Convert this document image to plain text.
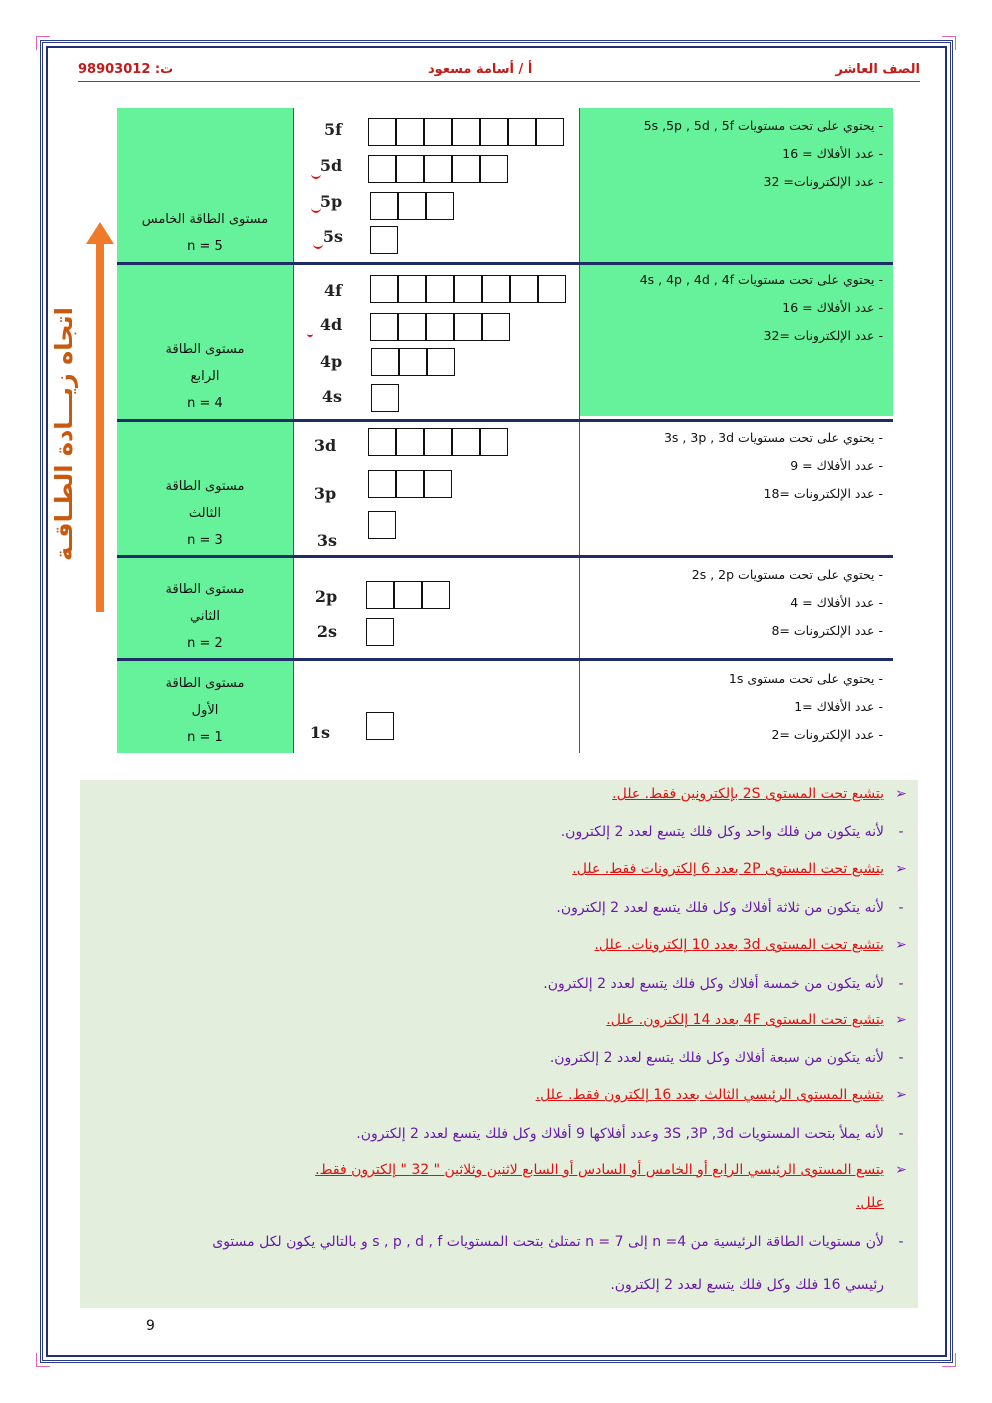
الصف العاشر
أ / أسامة مسعود
ت: 98903012
اتجاه زيـــادة الطـاقـة
مستوى الطاقة الخامس
n = 5
5f
5d
5p
5s
- يحتوي على تحت مستويات 5s ,5p , 5d , 5f
- عدد الأفلاك = 16
- عدد الإلكترونات= 32
مستوى الطاقة
الرابع
n = 4
4f
4d
4p
4s
- يحتوي على تحت مستويات 4s , 4p , 4d , 4f
- عدد الأفلاك = 16
- عدد الإلكترونات =32
مستوى الطاقة
الثالث
n = 3
3d
3p
3s
- يحتوي على تحت مستويات 3s , 3p , 3d
- عدد الأفلاك = 9
- عدد الإلكترونات =18
مستوى الطاقة
الثاني
n = 2
2p
2s
- يحتوي على تحت مستويات 2s , 2p
- عدد الأفلاك = 4
- عدد الإلكترونات =8
مستوى الطاقة
الأول
n = 1	1s
- يحتوي على تحت مستوى 1s
- عدد الأفلاك =1
- عدد الإلكترونات =2
➢يتشبع تحت المستوى 2S بإلكترونين فقط. علل.
-لأنه يتكون من فلك واحد وكل فلك يتسع لعدد 2 إلكترون.
➢يتشبع تحت المستوى 2P بعدد 6 إلكترونات فقط. علل.
-لأنه يتكون من ثلاثة أفلاك وكل فلك يتسع لعدد 2 إلكترون.
➢يتشبع تحت المستوى 3d بعدد 10 إلكترونات. علل.
-لأنه يتكون من خمسة أفلاك وكل فلك يتسع لعدد 2 إلكترون.
➢يتشبع تحت المستوى 4F بعدد 14 إلكترون. علل.
-لأنه يتكون من سبعة أفلاك وكل فلك يتسع لعدد 2 إلكترون.
➢يتشبع المستوى الرئيسي الثالث بعدد 16 إلكترون فقط. علل.
-لأنه يملأ بتحت المستويات 3S ,3P ,3d وعدد أفلاكها 9 أفلاك وكل فلك يتسع لعدد 2 إلكترون.
➢يتسع المستوى الرئيسي الرابع أو الخامس أو السادس أو السابع لاثنين وثلاثين " 32 " إلكترون فقط.
علل.
-لأن مستويات الطاقة الرئيسية من n =4 إلى n = 7 تمتلئ بتحت المستويات s , p , d , f و بالتالي يكون لكل مستوى
رئيسي 16 فلك وكل فلك يتسع لعدد 2 إلكترون.
9
